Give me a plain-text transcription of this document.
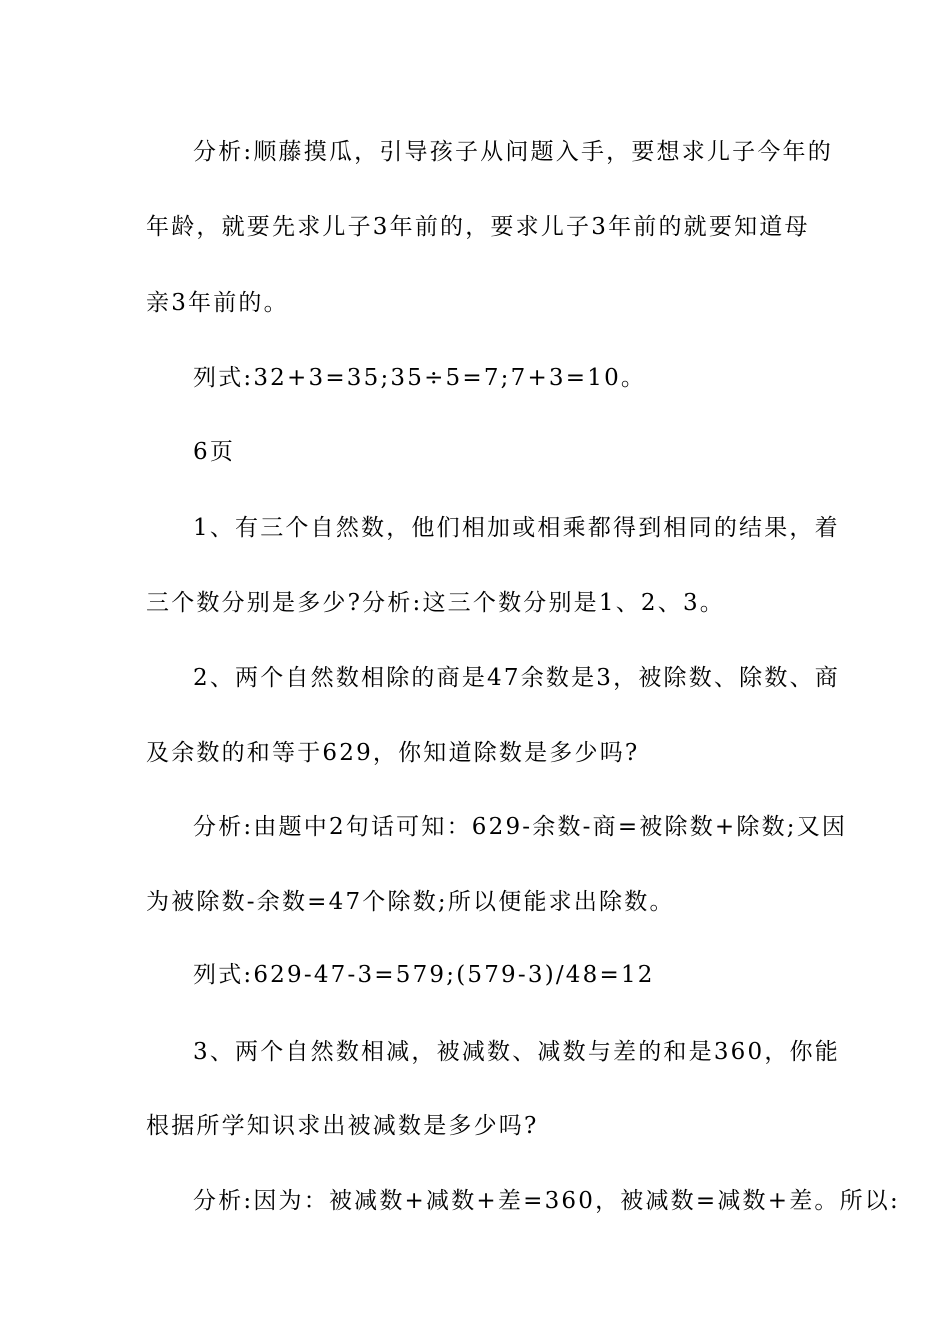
分析:顺藤摸瓜，引导孩子从问题入手，要想求儿子今年的
年龄，就要先求儿子3年前的，要求儿子3年前的就要知道母
亲3年前的。
列式:32+3=35;35÷5=7;7+3=10。
6页
1、有三个自然数，他们相加或相乘都得到相同的结果，着
三个数分别是多少?分析:这三个数分别是1、2、3。
2、两个自然数相除的商是47余数是3，被除数、除数、商
及余数的和等于629，你知道除数是多少吗?
分析:由题中2句话可知：629-余数-商=被除数+除数;又因
为被除数-余数=47个除数;所以便能求出除数。
列式:629-47-3=579;(579-3)/48=12
3、两个自然数相减，被减数、减数与差的和是360，你能
根据所学知识求出被减数是多少吗?
分析:因为：被减数+减数+差=360，被减数=减数+差。所以:
